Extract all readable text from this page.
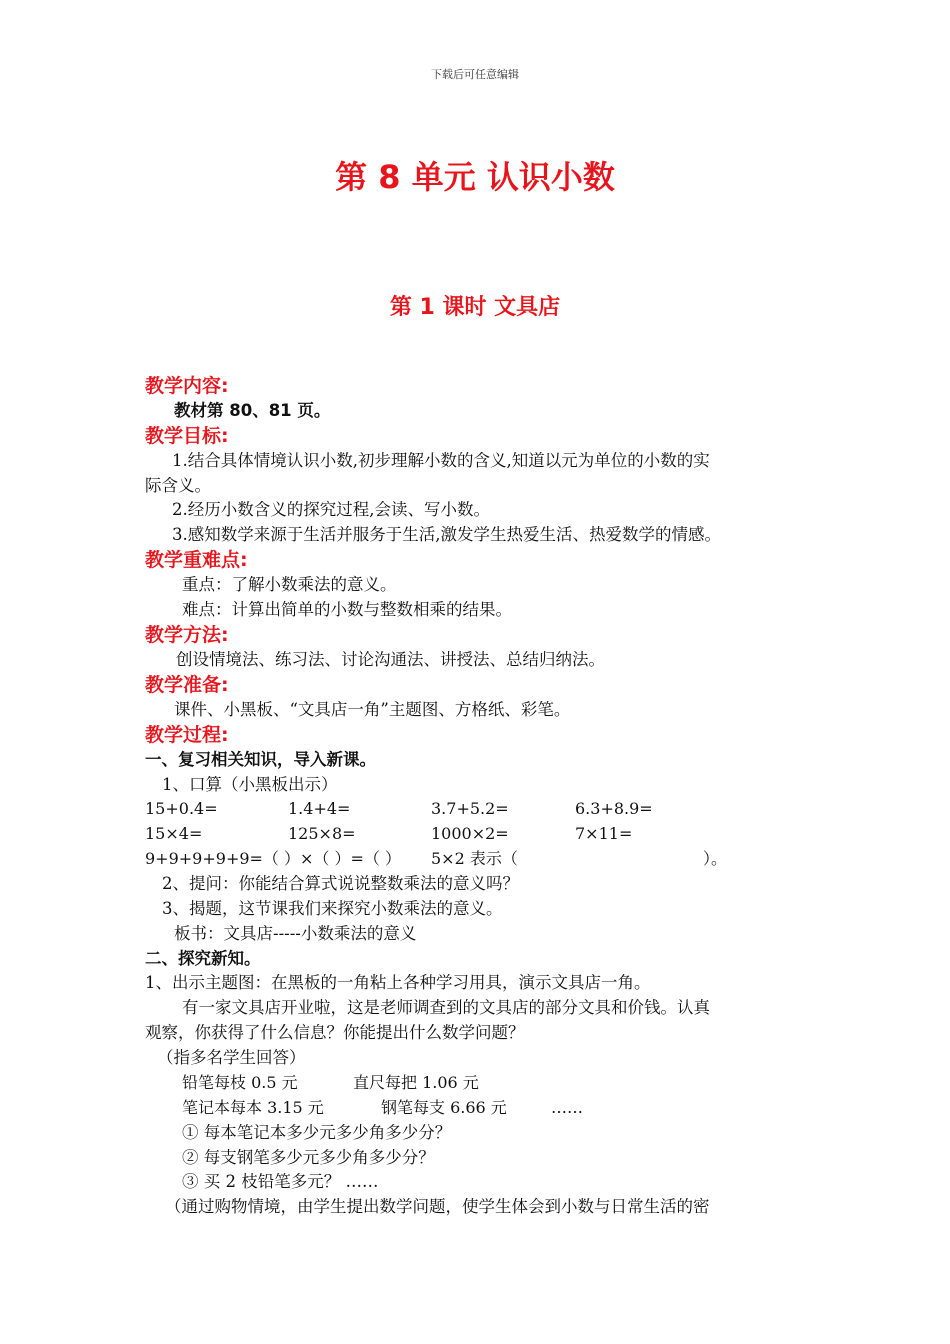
下载后可任意编辑
第 8 单元 认识小数
第 1 课时 文具店
教学内容:
教材第 80、81 页。
教学目标:
1.结合具体情境认识小数,初步理解小数的含义,知道以元为单位的小数的实
际含义。
2.经历小数含义的探究过程,会读、写小数。
3.感知数学来源于生活并服务于生活,激发学生热爱生活、热爱数学的情感。
教学重难点:
重点：了解小数乘法的意义。
难点：计算出简单的小数与整数相乘的结果。
教学方法:
创设情境法、练习法、讨论沟通法、讲授法、总结归纳法。
教学准备:
课件、小黑板、“文具店一角”主题图、方格纸、彩笔。
教学过程:
一、复习相关知识，导入新课。
1、口算（小黑板出示）
15+0.4=	1.4+4=	3.7+5.2=	6.3+8.9=
15×4=	125×8=	1000×2=	7×11=
9+9+9+9+9=（ ）×（ ）=（ ） 5×2 表示（	）。
2、提问：你能结合算式说说整数乘法的意义吗？
3、揭题，这节课我们来探究小数乘法的意义。
板书：文具店-----小数乘法的意义
二、探究新知。
1、出示主题图：在黑板的一角粘上各种学习用具，演示文具店一角。
有一家文具店开业啦，这是老师调查到的文具店的部分文具和价钱。认真
观察，你获得了什么信息？你能提出什么数学问题？
（指多名学生回答）
铅笔每枝 0.5 元	直尺每把 1.06 元
笔记本每本 3.15 元	钢笔每支 6.66 元	……
① 每本笔记本多少元多少角多少分？
② 每支钢笔多少元多少角多少分？
③ 买 2 枝铅笔多元？ ……
（通过购物情境，由学生提出数学问题，使学生体会到小数与日常生活的密
